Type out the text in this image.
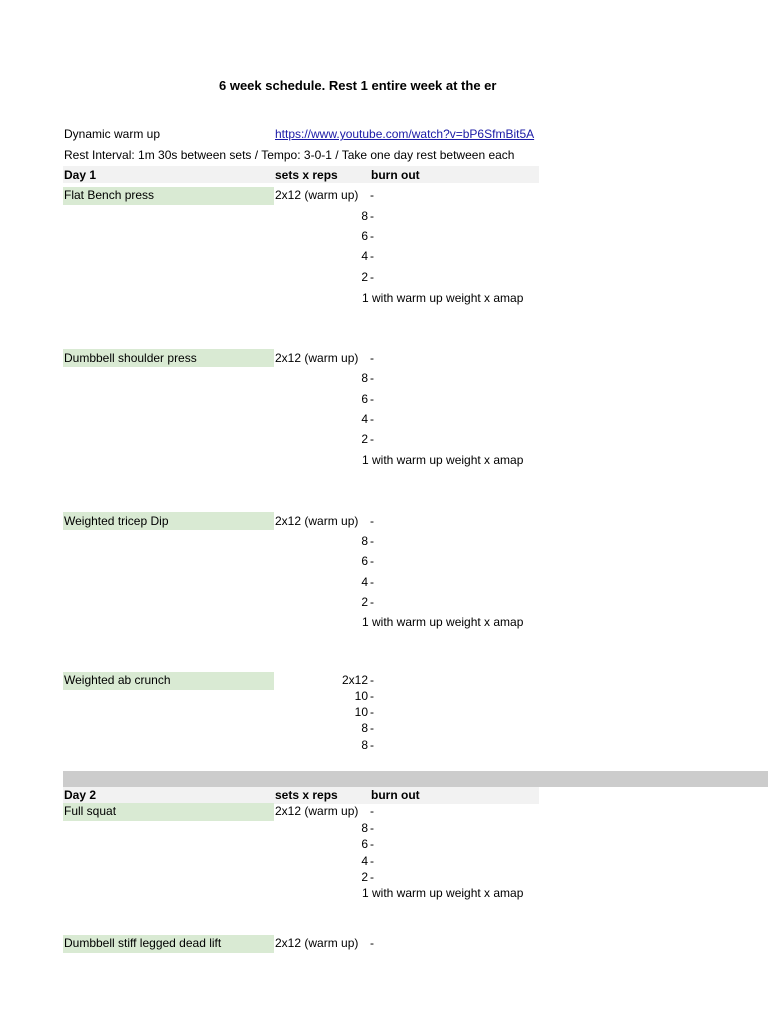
6 week schedule. Rest 1 entire week at the er
Dynamic warm up	https://www.youtube.com/watch?v=bP6SfmBit5A
Rest Interval: 1m 30s between sets / Tempo: 3-0-1 / Take one day rest between each
Day 1	sets x reps	burn out
Flat Bench press	2x12 (warm up) -
8 -
6 -
4 -
2 -
1 with warm up weight x amap
Dumbbell shoulder press	2x12 (warm up) -
8 -
6 -
4 -
2 -
1 with warm up weight x amap
Weighted tricep Dip	2x12 (warm up) -
8 -
6 -
4 -
2 -
1 with warm up weight x amap
Weighted ab crunch	2x12 -
10 -
10 -
8 -
8 -
Day 2	sets x reps	burn out
Full squat	2x12 (warm up) -
8 -
6 -
4 -
2 -
1 with warm up weight x amap
Dumbbell stiff legged dead lift	2x12 (warm up) -
